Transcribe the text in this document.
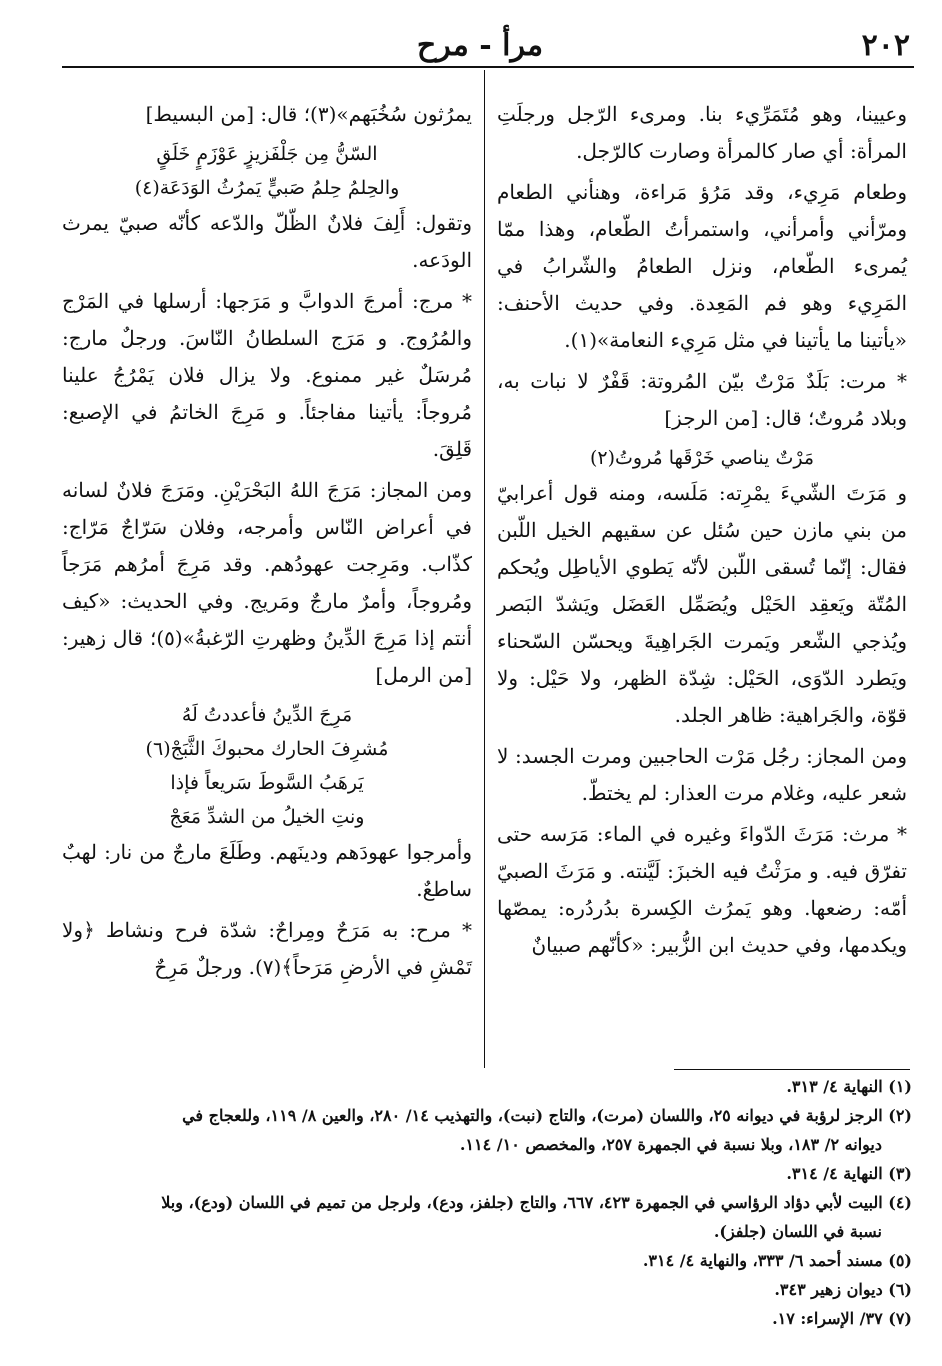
٢٠٢
مرأ - مرح

وعيينا، وهو مُتَمَرِّيء بنا. ومرىء الرّجل ورجلَتِ المرأة: أي صار كالمرأة وصارت كالرّجل.

وطعام مَرِيء، وقد مَرُؤ مَراءة، وهنأني الطعام ومرّأني وأمرأني، واستمرأتُ الطّعام، وهذا ممّا يُمرىء الطّعام، ونزل الطعامُ والشّرابُ في المَرِيء وهو فم المَعِدة. وفي حديث الأحنف: «يأتينا ما يأتينا في مثل مَرِيء النعامة»(١).

* مرت: بَلَدٌ مَرْتٌ بيّن المُروتة: قَفْرٌ لا نبات به، وبلاد مُروتٌ؛ قال: [من الرجز]

مَرْتٌ يناصي خَرْقَها مُروتُ(٢)

و مَرَتَ الشّيءَ يمْرِته: مَلَسه، ومنه قول أعرابيّ من بني مازن حين سُئل عن سقيهم الخيل اللّبن فقال: إنّما تُسقى اللّبن لأنّه يَطوي الأياطِل ويُحكم المُتّة ويَعقِد الحَيْل ويُصَمِّل العَضَل ويَشدّ البَصر ويُذجي الشّعر ويَمرت الجَراهِيةَ ويحسّن السّحناء ويَطرد الدّوَى، الحَيْل: شِدّة الظهر، ولا حَيْل: ولا قوّة، والجَراهية: ظاهر الجلد.

ومن المجاز: رجُل مَرْت الحاجبين ومرت الجسد: لا شعر عليه، وغلام مرت العذار: لم يختطّ.

* مرث: مَرَثَ الدّواءَ وغيره في الماء: مَرَسه حتى تفرّق فيه. و مرَثْتُ فيه الخبزَ: لَيَّنته. و مَرَثَ الصبيّ أمّه: رضعها. وهو يَمرُث الكِسرة بدُردُره: يمصّها ويكدمها، وفي حديث ابن الزُّبير: «كأنّهم صبيانٌ

يمرُثون سُخُبَهم»(٣)؛ قال: [من البسيط]

السّنُّ مِن جَلْفَزيزٍ عَوْزَمٍ خَلَقٍ

والحِلمُ حِلمُ صَبيٍّ يَمرُثُ الوَدَعَة(٤)

وتقول: أَلِفَ فلانٌ الظّلّ والدّعه كأنّه صبيّ يمرث الودَعه.

* مرج: أمرجَ الدوابَّ و مَرَجها: أرسلها في المَرْج والمُرُوج. و مَرَج السلطانُ النّاسَ. ورجلٌ مارج: مُرسَلٌ غير ممنوع. ولا يزال فلان يَمْرُجُ علينا مُروجاً: يأتينا مفاجئاً. و مَرِجَ الخاتمُ في الإصبع: قَلِقَ.

ومن المجاز: مَرَجَ اللهُ البَحْرَيْنِ. ومَرَجَ فلانٌ لسانه في أعراض النّاس وأمرجه، وفلان سَرّاجٌ مَرّاج: كذّاب. ومَرِجت عهودُهم. وقد مَرِجَ أمرُهم مَرَجاً ومُروجاً، وأمرٌ مارجٌ ومَريج. وفي الحديث: «كيف أنتم إذا مَرِجَ الدِّينُ وظهرتِ الرّغبةُ»(٥)؛ قال زهير: [من الرمل]

مَرِجَ الدِّينُ فأعددتُ لَهُ

مُشرِفَ الحارك محبوكَ الثَّبَجْ(٦)

يَرهَبُ السَّوطَ سَريعاً فإذا

ونتِ الخيلُ من الشدِّ مَعَجْ

وأمرجوا عهودَهم ودينَهم. وطَلَعَ مارجٌ من نار: لهبٌ ساطعٌ.

* مرح: به مَرَحٌ ومِراحٌ: شدّة فرح ونشاط ﴿ولا تَمْشِ في الأرضِ مَرَحاً﴾(٧). ورجلٌ مَرِحٌ

(١) النهاية ٤/ ٣١٣.

(٢) الرجز لرؤبة في ديوانه ٢٥، واللسان (مرت)، والتاج (نبت)، والتهذيب ١٤/ ٢٨٠، والعين ٨/ ١١٩، وللعجاج في

ديوانه ٢/ ١٨٣، وبلا نسبة في الجمهرة ٢٥٧، والمخصص ١٠/ ١١٤.

(٣) النهاية ٤/ ٣١٤.

(٤) البيت لأبي دؤاد الرؤاسي في الجمهرة ٤٢٣، ٦٦٧، والتاج (جلفز، ودع)، ولرجل من تميم في اللسان (ودع)، وبلا

نسبة في اللسان (جلفز).

(٥) مسند أحمد ٦/ ٣٣٣، والنهاية ٤/ ٣١٤.

(٦) ديوان زهير ٣٤٣.

(٧) ٣٧/ الإسراء: ١٧.
